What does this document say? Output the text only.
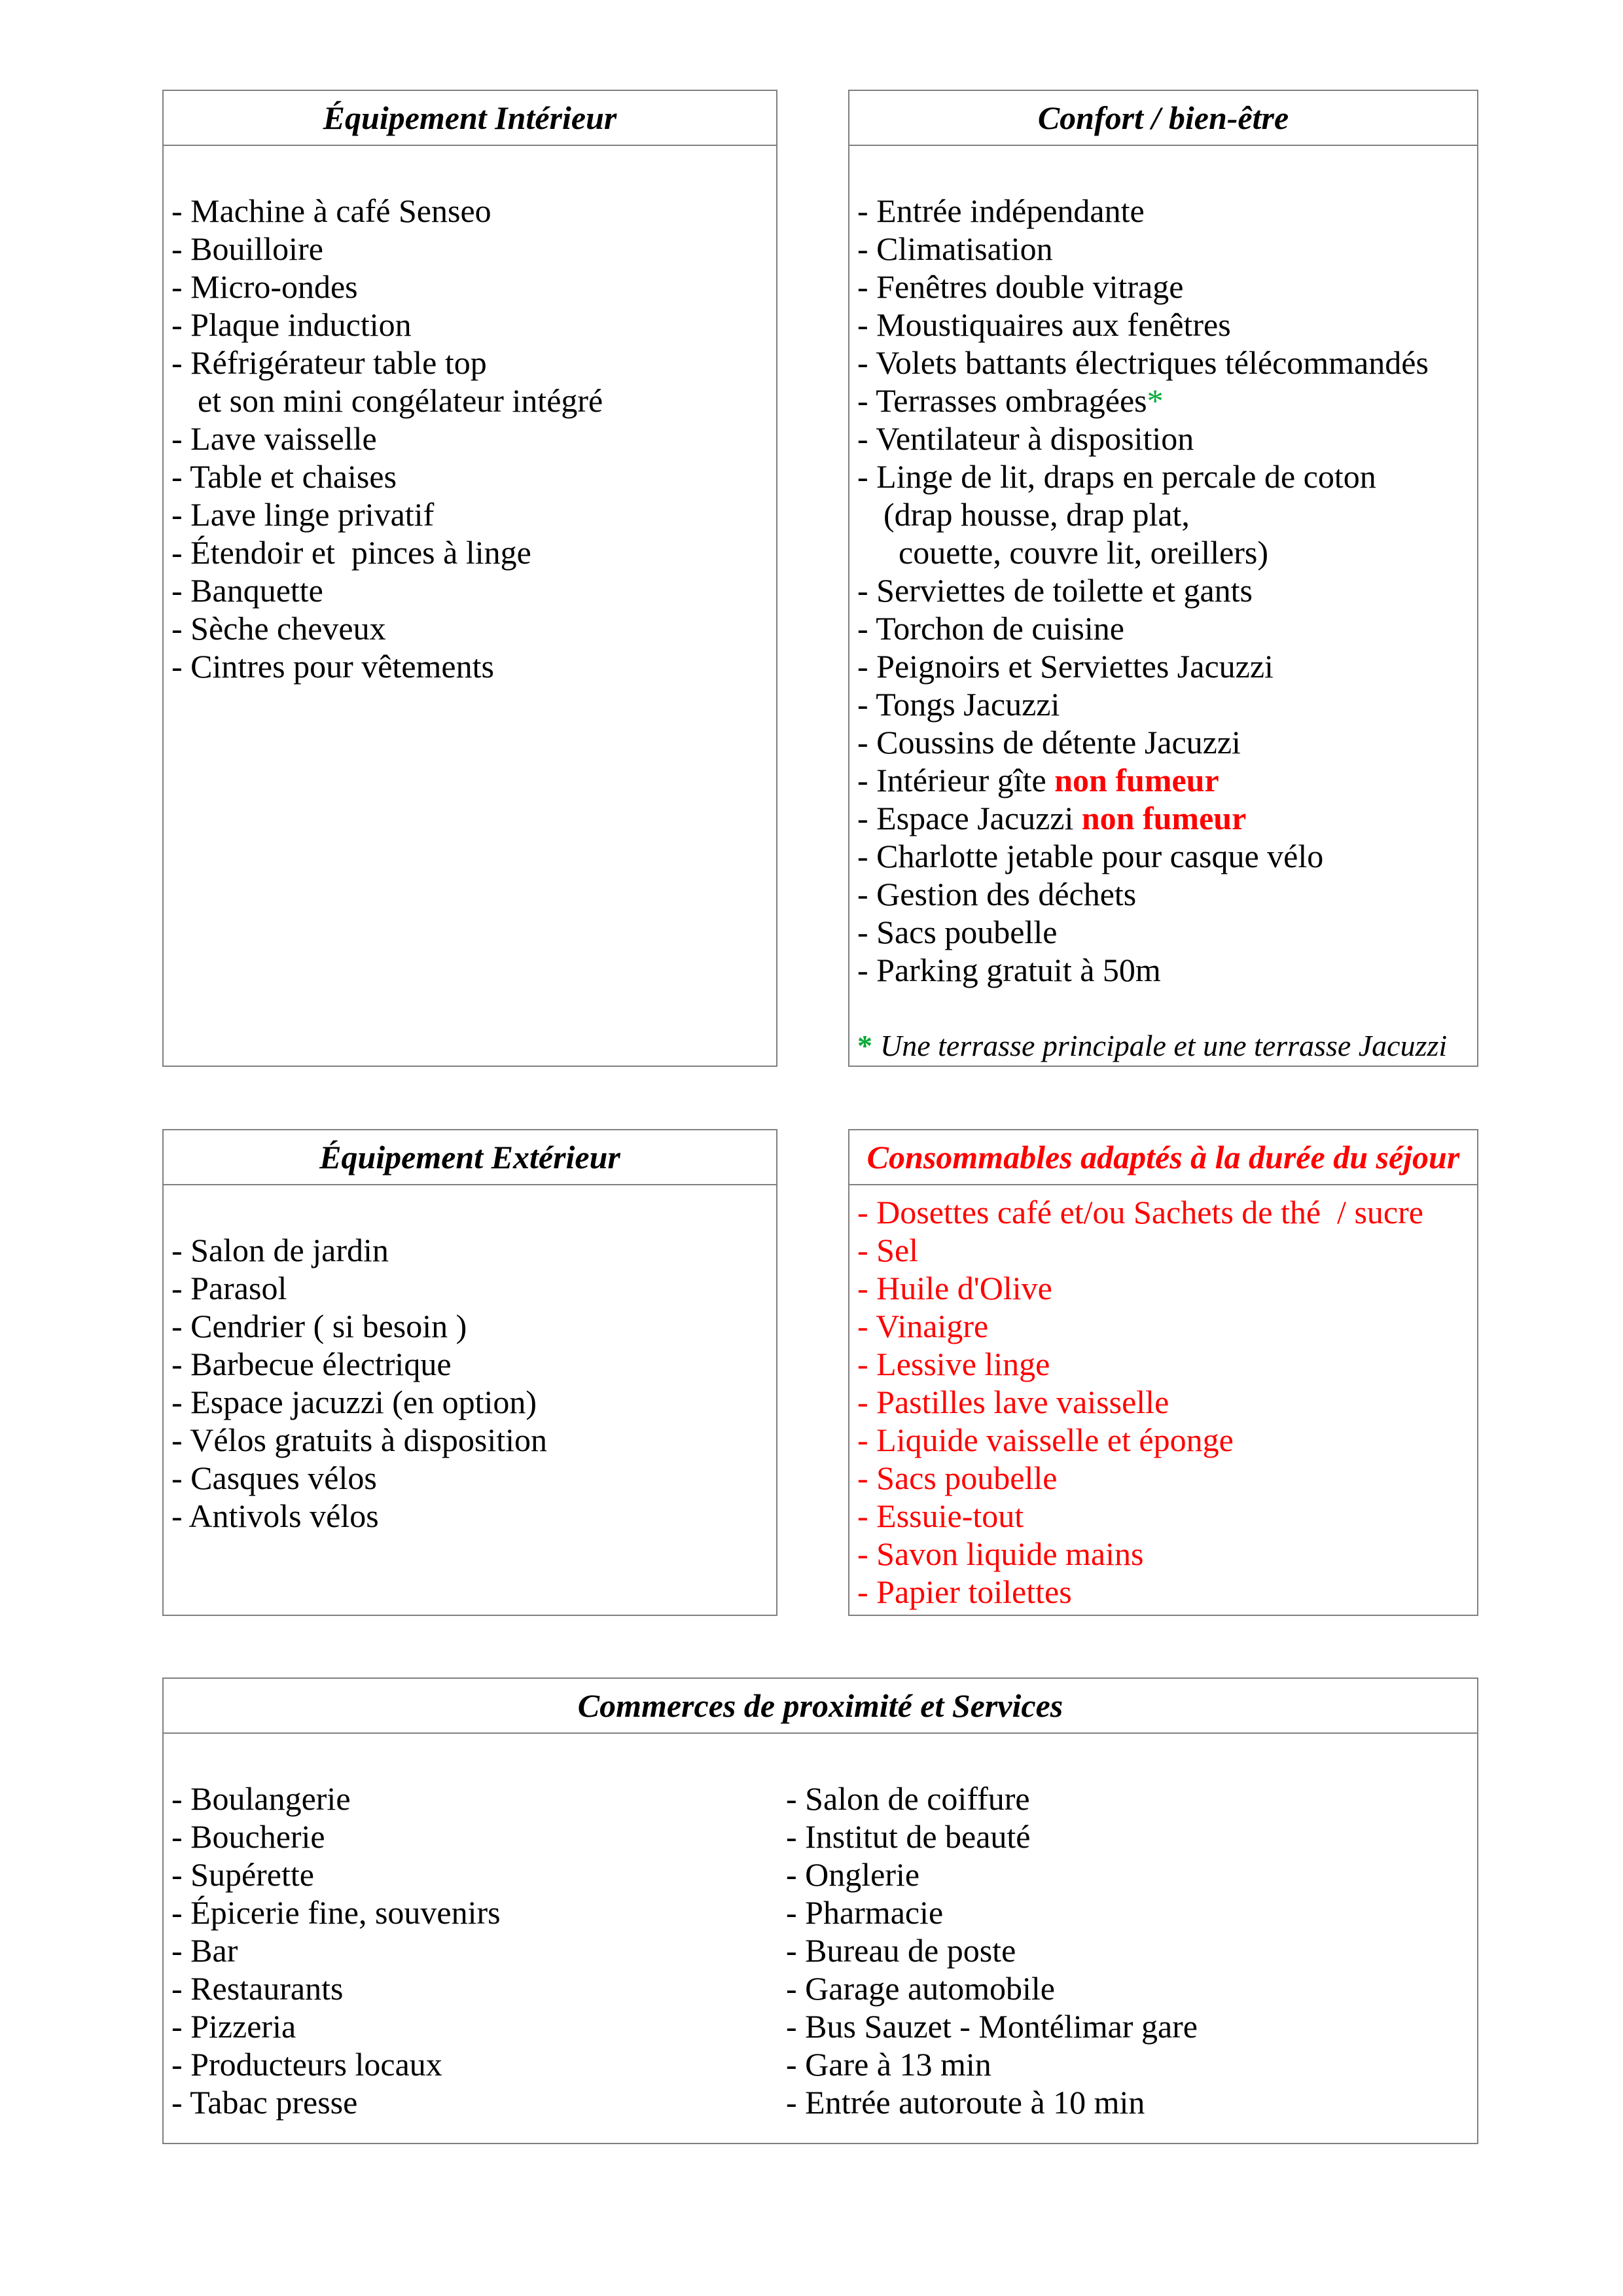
Équipement Intérieur
- Machine à café Senseo
- Bouilloire
- Micro-ondes
- Plaque induction
- Réfrigérateur table top
et son mini congélateur intégré
- Lave vaisselle
- Table et chaises
- Lave linge privatif
- Étendoir et  pinces à linge
- Banquette
- Sèche cheveux
- Cintres pour vêtements
Confort / bien-être
- Entrée indépendante
- Climatisation
- Fenêtres double vitrage
- Moustiquaires aux fenêtres
- Volets battants électriques télécommandés
- Terrasses ombragées*
- Ventilateur à disposition
- Linge de lit, draps en percale de coton
(drap housse, drap plat,
couette, couvre lit, oreillers)
- Serviettes de toilette et gants
- Torchon de cuisine
- Peignoirs et Serviettes Jacuzzi
- Tongs Jacuzzi
- Coussins de détente Jacuzzi
- Intérieur gîte non fumeur
- Espace Jacuzzi non fumeur
- Charlotte jetable pour casque vélo
- Gestion des déchets
- Sacs poubelle
- Parking gratuit à 50m
* Une terrasse principale et une terrasse Jacuzzi
Équipement Extérieur
- Salon de jardin
- Parasol
- Cendrier ( si besoin )
- Barbecue électrique
- Espace jacuzzi (en option)
- Vélos gratuits à disposition
- Casques vélos
- Antivols vélos
Consommables adaptés à la durée du séjour
- Dosettes café et/ou Sachets de thé  / sucre
- Sel
- Huile d'Olive
- Vinaigre
- Lessive linge
- Pastilles lave vaisselle
- Liquide vaisselle et éponge
- Sacs poubelle
- Essuie-tout
- Savon liquide mains
- Papier toilettes
Commerces de proximité et Services
- Boulangerie
- Boucherie
- Supérette
- Épicerie fine, souvenirs
- Bar
- Restaurants
- Pizzeria
- Producteurs locaux
- Tabac presse
- Salon de coiffure
- Institut de beauté
- Onglerie
- Pharmacie
- Bureau de poste
- Garage automobile
- Bus Sauzet - Montélimar gare
- Gare à 13 min
- Entrée autoroute à 10 min
